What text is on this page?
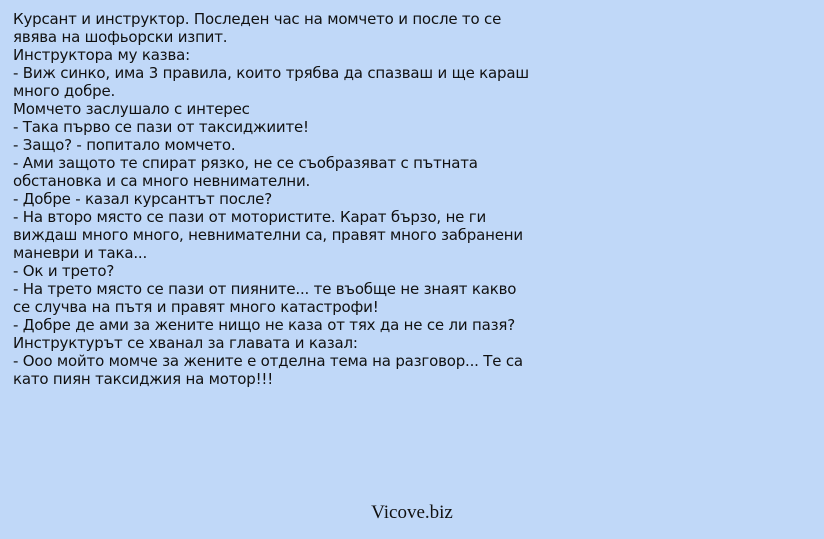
Курсант и инструктор. Последен час на момчето и после то се
явява на шофьорски изпит.
Инструктора му казва:
- Виж синко, има 3 правила, които трябва да спазваш и ще караш
много добре.
Момчето заслушало с интерес
- Така първо се пази от таксиджиите!
- Защо? - попитало момчето.
- Ами защото те спират рязко, не се съобразяват с пътната
обстановка и са много невнимателни.
- Добре - казал курсантът после?
- На второ място се пази от мотористите. Карат бързо, не ги
виждаш много много, невнимателни са, правят много забранени
маневри и така...
- Ок и трето?
- На трето място се пази от пияните... те въобще не знаят какво
се случва на пътя и правят много катастрофи!
- Добре де ами за жените нищо не каза от тях да не се ли пазя?
Инструктурът се хванал за главата и казал:
- Ооо мойто момче за жените е отделна тема на разговор... Те са
като пиян таксиджия на мотор!!!
Vicove.biz
